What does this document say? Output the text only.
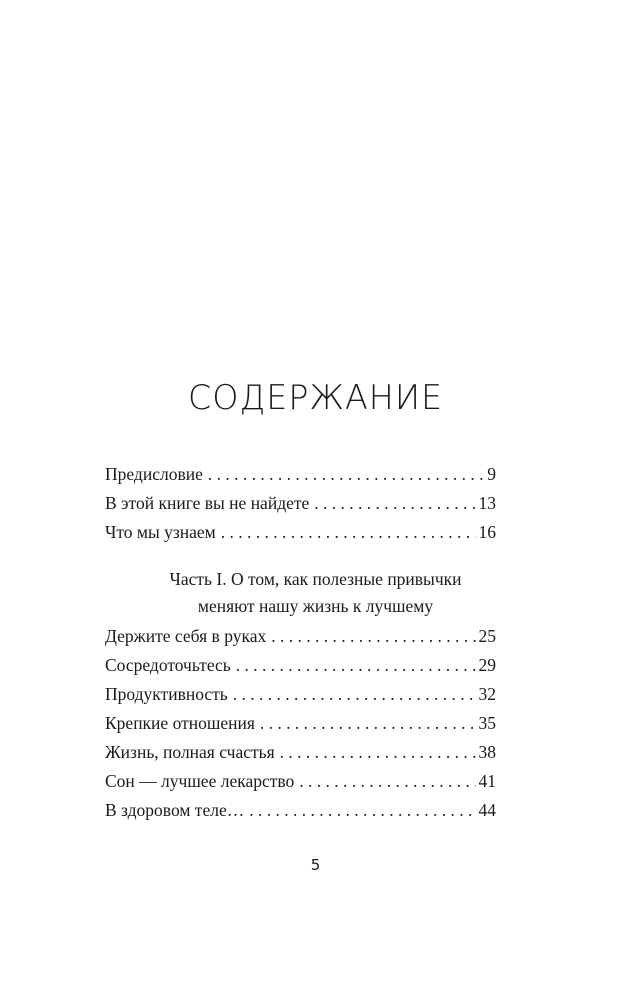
СОДЕРЖАНИЕ
Предисловие . . .	9
В этой книге вы не найдете . . .	13
Что мы узнаем . . .	16
Часть I. О том, как полезные привычки
меняют нашу жизнь к лучшему
Держите себя в руках . . .	25
Сосредоточьтесь . . .	29
Продуктивность . . .	32
Крепкие отношения . . .	35
Жизнь, полная счастья . . .	38
Сон — лучшее лекарство . . .	41
В здоровом теле… . . .	44
5
